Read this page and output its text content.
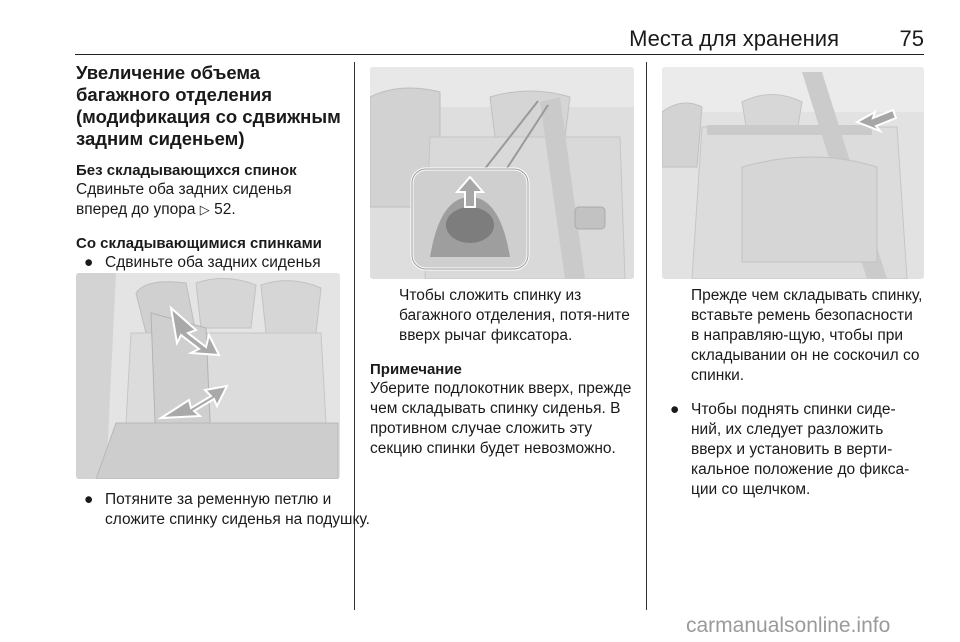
Места для хранения	75
Увеличение объема багажного отделения (модификация со сдвижным задним сиденьем)
Без складывающихся спинок

Сдвиньте оба задних сиденья
вперед до упора ▷ 52.

Со складывающимися спинками
● Сдвиньте оба задних сиденья

● Потяните за ременную петлю и сложите спинку сиденья на подушку.
Чтобы сложить спинку из багажного отделения, потя-ните вверх рычаг фиксатора.
Примечание

Уберите подлокотник вверх, прежде чем складывать спинку сиденья. В противном случае сложить эту секцию спинки будет невозможно.

Прежде чем складывать спинку, вставьте ремень безопасности в направляю-щую, чтобы при складывании он не соскочил со спинки.
● Чтобы поднять спинки сиде-ний, их следует разложить вверх и установить в верти-кальное положение до фикса-ции со щелчком.
carmanualsonline.info
